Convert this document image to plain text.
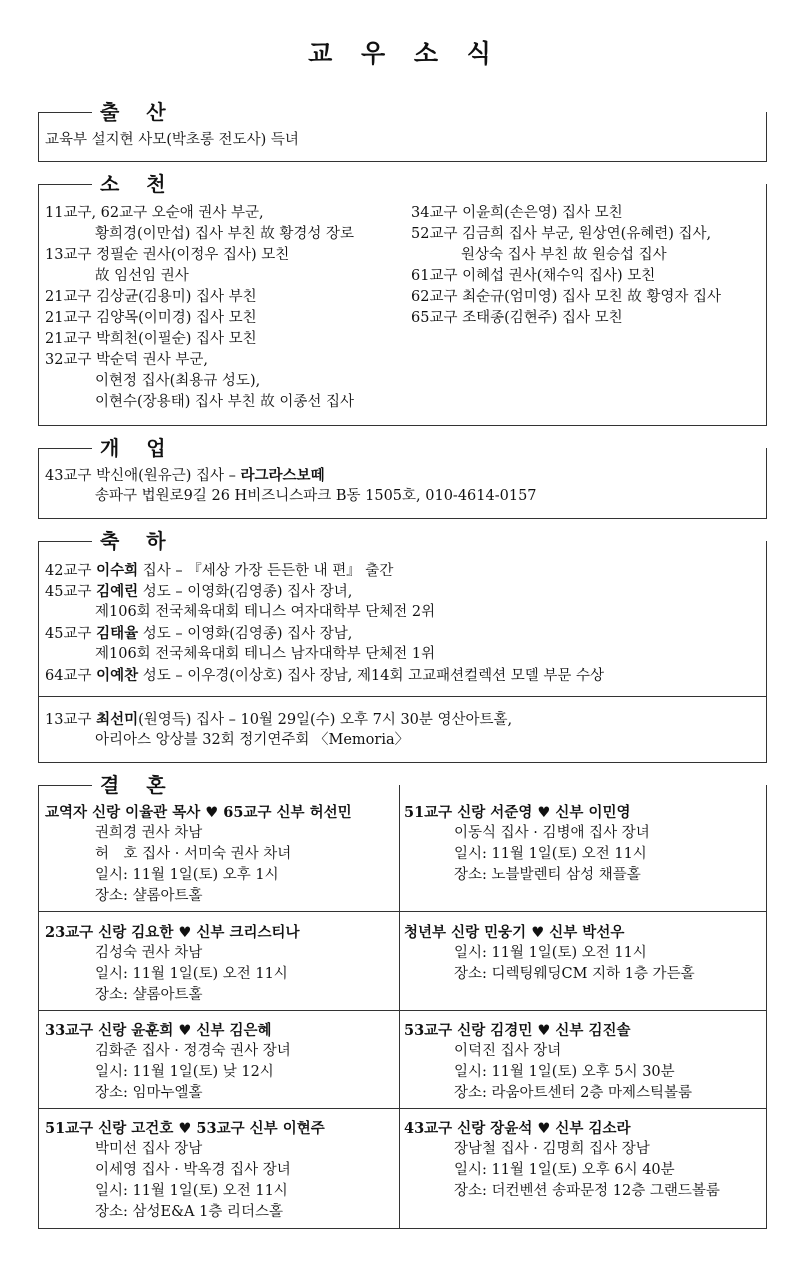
교 우 소 식
출 산
교육부 설지현 사모(박초롱 전도사) 득녀
소 천
11교구, 62교구 오순애 권사 부군,
황희경(이만섭) 집사 부친 故 황경성 장로
13교구 정필순 권사(이정우 집사) 모친
故 임선임 권사
21교구 김상균(김용미) 집사 부친
21교구 김양목(이미경) 집사 모친
21교구 박희천(이필순) 집사 모친
32교구 박순덕 권사 부군,
이현정 집사(최용규 성도),
이현수(장용태) 집사 부친 故 이종선 집사
34교구 이윤희(손은영) 집사 모친
52교구 김금희 집사 부군, 원상연(유혜련) 집사,
원상숙 집사 부친 故 원승섭 집사
61교구 이혜섭 권사(채수익 집사) 모친
62교구 최순규(엄미영) 집사 모친 故 황영자 집사
65교구 조태종(김현주) 집사 모친
개 업
43교구 박신애(원유근) 집사 – 라그라스보떼
송파구 법원로9길 26 H비즈니스파크 B동 1505호, 010-4614-0157
축 하
42교구 이수희 집사 – 『세상 가장 든든한 내 편』 출간
45교구 김예린 성도 – 이영화(김영종) 집사 장녀,
제106회 전국체육대회 테니스 여자대학부 단체전 2위
45교구 김태율 성도 – 이영화(김영종) 집사 장남,
제106회 전국체육대회 테니스 남자대학부 단체전 1위
64교구 이예찬 성도 – 이우경(이상호) 집사 장남, 제14회 고교패션컬렉션 모델 부문 수상
13교구 최선미(원영득) 집사 – 10월 29일(수) 오후 7시 30분 영산아트홀,
아리아스 앙상블 32회 정기연주회 〈Memoria〉
결 혼
교역자 신랑 이율관 목사 ♥ 65교구 신부 허선민
권희경 권사 차남
허　호 집사 · 서미숙 권사 차녀
일시: 11월 1일(토) 오후 1시
장소: 샬롬아트홀
51교구 신랑 서준영 ♥ 신부 이민영
이동식 집사 · 김병애 집사 장녀
일시: 11월 1일(토) 오전 11시
장소: 노블발렌티 삼성 채플홀
23교구 신랑 김요한 ♥ 신부 크리스티나
김성숙 권사 차남
일시: 11월 1일(토) 오전 11시
장소: 샬롬아트홀
청년부 신랑 민웅기 ♥ 신부 박선우
일시: 11월 1일(토) 오전 11시
장소: 디렉팅웨딩CM 지하 1층 가든홀
33교구 신랑 윤훈희 ♥ 신부 김은혜
김화준 집사 · 정경숙 권사 장녀
일시: 11월 1일(토) 낮 12시
장소: 임마누엘홀
53교구 신랑 김경민 ♥ 신부 김진솔
이덕진 집사 장녀
일시: 11월 1일(토) 오후 5시 30분
장소: 라움아트센터 2층 마제스틱볼룸
51교구 신랑 고건호 ♥ 53교구 신부 이현주
박미선 집사 장남
이세영 집사 · 박옥경 집사 장녀
일시: 11월 1일(토) 오전 11시
장소: 삼성E&A 1층 리더스홀
43교구 신랑 장윤석 ♥ 신부 김소라
장남철 집사 · 김명희 집사 장남
일시: 11월 1일(토) 오후 6시 40분
장소: 더컨벤션 송파문정 12층 그랜드볼룸
